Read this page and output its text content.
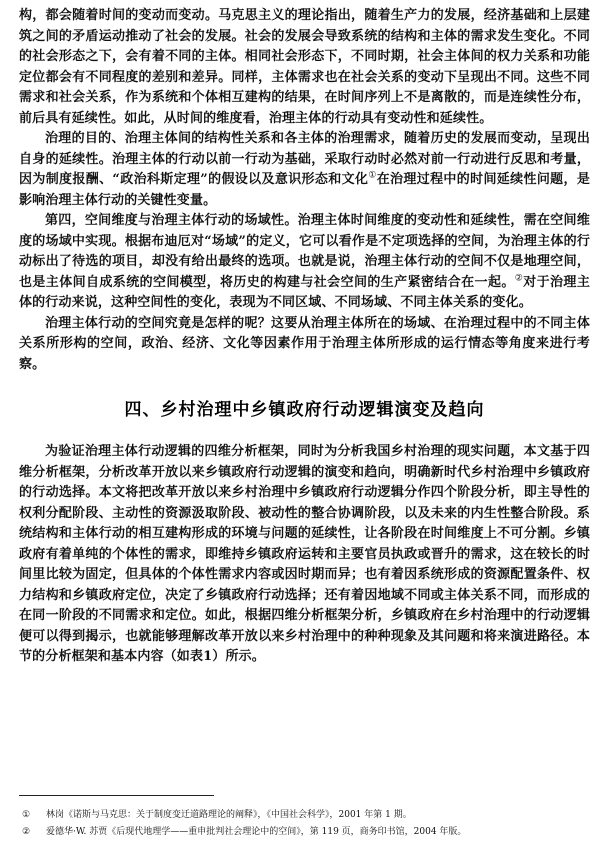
构，都会随着时间的变动而变动。马克思主义的理论指出，随着生产力的发展，经济基础和上层建筑之间的矛盾运动推动了社会的发展。社会的发展会导致系统的结构和主体的需求发生变化。不同的社会形态之下，会有着不同的主体。相同社会形态下，不同时期，社会主体间的权力关系和功能定位都会有不同程度的差别和差异。同样，主体需求也在社会关系的变动下呈现出不同。这些不同需求和社会关系，作为系统和个体相互建构的结果，在时间序列上不是离散的，而是连续性分布，前后具有延续性。如此，从时间的维度看，治理主体的行动具有变动性和延续性。

治理的目的、治理主体间的结构性关系和各主体的治理需求，随着历史的发展而变动，呈现出自身的延续性。治理主体的行动以前一行动为基础，采取行动时必然对前一行动进行反思和考量，因为制度报酬、“政治科斯定理”的假设以及意识形态和文化①在治理过程中的时间延续性问题，是影响治理主体行动的关键性变量。

第四，空间维度与治理主体行动的场域性。治理主体时间维度的变动性和延续性，需在空间维度的场域中实现。根据布迪厄对“场域”的定义，它可以看作是不定项选择的空间，为治理主体的行动标出了待选的项目，却没有给出最终的选项。也就是说，治理主体行动的空间不仅是地理空间，也是主体间自成系统的空间模型，将历史的构建与社会空间的生产紧密结合在一起。②对于治理主体的行动来说，这种空间性的变化，表现为不同区域、不同场域、不同主体关系的变化。

治理主体行动的空间究竟是怎样的呢？这要从治理主体所在的场域、在治理过程中的不同主体关系所形构的空间，政治、经济、文化等因素作用于治理主体所形成的运行情态等角度来进行考察。

四、乡村治理中乡镇政府行动逻辑演变及趋向

为验证治理主体行动逻辑的四维分析框架，同时为分析我国乡村治理的现实问题，本文基于四维分析框架，分析改革开放以来乡镇政府行动逻辑的演变和趋向，明确新时代乡村治理中乡镇政府的行动选择。本文将把改革开放以来乡村治理中乡镇政府行动逻辑分作四个阶段分析，即主导性的权利分配阶段、主动性的资源汲取阶段、被动性的整合协调阶段，以及未来的内生性整合阶段。系统结构和主体行动的相互建构形成的环境与问题的延续性，让各阶段在时间维度上不可分割。乡镇政府有着单纯的个体性的需求，即维持乡镇政府运转和主要官员执政或晋升的需求，这在较长的时间里比较为固定，但具体的个体性需求内容或因时期而异；也有着因系统形成的资源配置条件、权力结构和乡镇政府定位，决定了乡镇政府行动选择；还有着因地域不同或主体关系不同，而形成的在同一阶段的不同需求和定位。如此，根据四维分析框架分析，乡镇政府在乡村治理中的行动逻辑便可以得到揭示，也就能够理解改革开放以来乡村治理中的种种现象及其问题和将来演进路径。本节的分析框架和基本内容（如表1）所示。

①	林岗《诺斯与马克思：关于制度变迁道路理论的阐释》，《中国社会科学》，2001 年第 1 期。
②	爱德华·W. 苏贾《后现代地理学——重申批判社会理论中的空间》，第 119 页，商务印书馆，2004 年版。
